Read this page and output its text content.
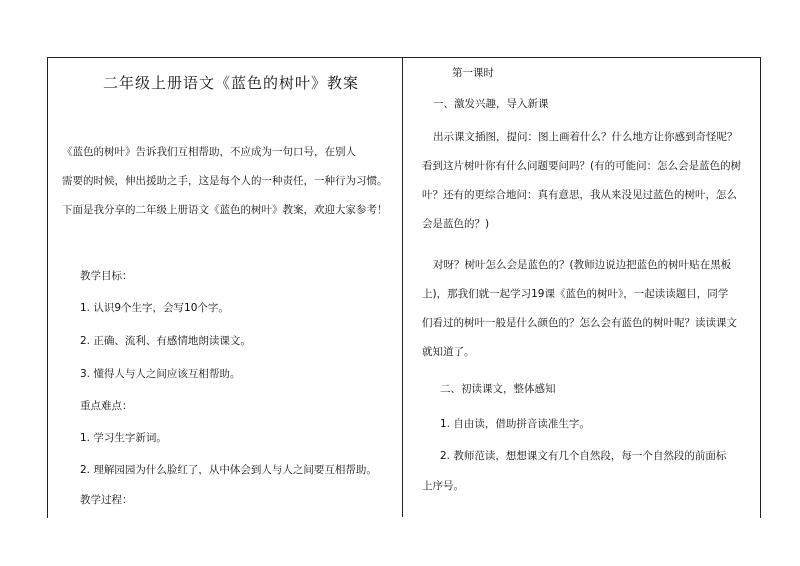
二年级上册语文《蓝色的树叶》教案
《蓝色的树叶》告诉我们互相帮助，不应成为一句口号，在别人
需要的时候，伸出援助之手，这是每个人的一种责任，一种行为习惯。
下面是我分享的二年级上册语文《蓝色的树叶》教案，欢迎大家参考！
教学目标：
1. 认识9个生字，会写10个字。
2. 正确、流利、有感情地朗读课文。
3. 懂得人与人之间应该互相帮助。
重点难点：
1. 学习生字新词。
2. 理解园园为什么脸红了，从中体会到人与人之间要互相帮助。
教学过程：
第一课时
一、激发兴趣，导入新课
出示课文插图，提问：图上画着什么？什么地方让你感到奇怪呢？
看到这片树叶你有什么问题要问吗？(有的可能问：怎么会是蓝色的树
叶？还有的更综合地问：真有意思，我从来没见过蓝色的树叶，怎么
会是蓝色的？)
对呀？树叶怎么会是蓝色的？(教师边说边把蓝色的树叶贴在黑板
上)，那我们就一起学习19课《蓝色的树叶》，一起读读题目，同学
们看过的树叶一般是什么颜色的？怎么会有蓝色的树叶呢？读读课文
就知道了。
二、初读课文，整体感知
1. 自由读，借助拼音读准生字。
2. 教师范读，想想课文有几个自然段，每一个自然段的前面标
上序号。
